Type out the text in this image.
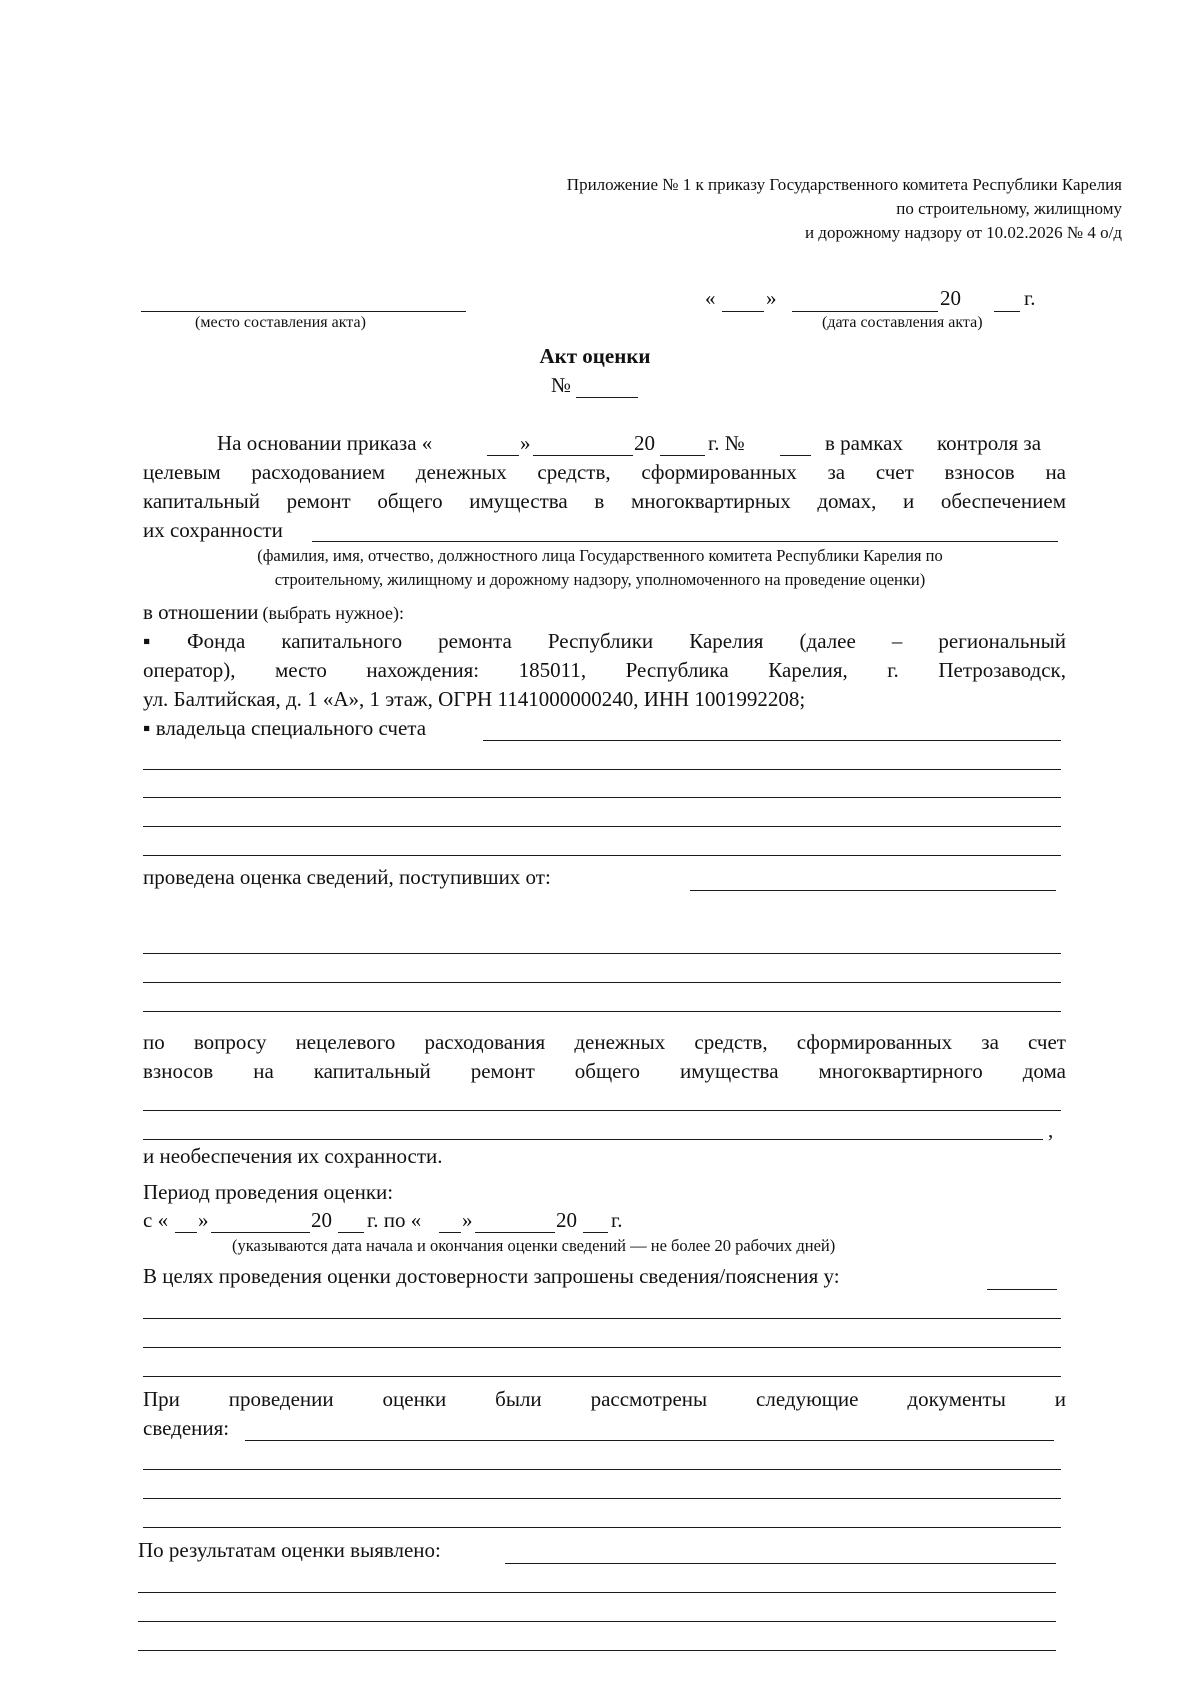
Приложение № 1 к приказу Государственного комитета Республики Карелия
по строительному, жилищному
и дорожному надзору от 10.02.2026 № 4 о/д
(место составления акта)
« »	20	г.
(дата составления акта)
Акт оценки
№
На основании приказа «	»	20	г. №	в рамках контроля за
целевым расходованием денежных средств, сформированных за счет взносов на
капитальный ремонт общего имущества в многоквартирных домах, и обеспечением
их сохранности
(фамилия, имя, отчество, должностного лица Государственного комитета Республики Карелия по
строительному, жилищному и дорожному надзору, уполномоченного на проведение оценки)
в отношении (выбрать нужное):
▪ Фонда капитального ремонта Республики Карелия (далее – региональный
оператор), место нахождения: 185011, Республика Карелия, г. Петрозаводск,
ул. Балтийская, д. 1 «А», 1 этаж, ОГРН 1141000000240, ИНН 1001992208;
▪ владельца специального счета
проведена оценка сведений, поступивших от:
по вопросу нецелевого расходования денежных средств, сформированных за счет
взносов на капитальный ремонт общего имущества многоквартирного дома
,
и необеспечения их сохранности.
Период проведения оценки:
с « »	20 г. по « »	20 г.
(указываются дата начала и окончания оценки сведений — не более 20 рабочих дней)
В целях проведения оценки достоверности запрошены сведения/пояснения у:
При проведении оценки были рассмотрены следующие документы и
сведения:
По результатам оценки выявлено:
